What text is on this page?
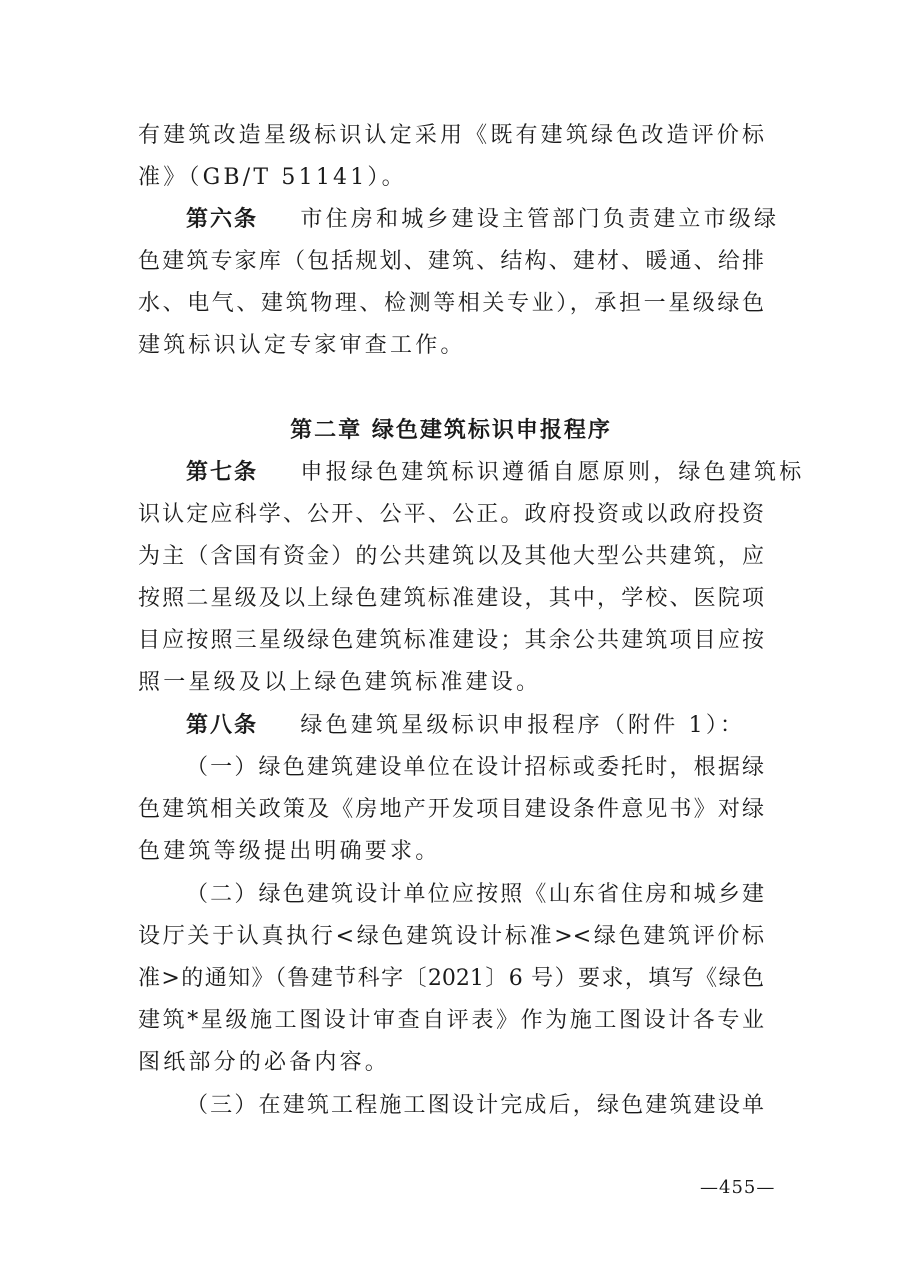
有建筑改造星级标识认定采用《既有建筑绿色改造评价标
准》（GB/T 51141）。
第六条 市住房和城乡建设主管部门负责建立市级绿
色建筑专家库（包括规划、建筑、结构、建材、暖通、给排
水、电气、建筑物理、检测等相关专业），承担一星级绿色
建筑标识认定专家审查工作。
第二章 绿色建筑标识申报程序
第七条 申报绿色建筑标识遵循自愿原则，绿色建筑标
识认定应科学、公开、公平、公正。政府投资或以政府投资
为主（含国有资金）的公共建筑以及其他大型公共建筑，应
按照二星级及以上绿色建筑标准建设，其中，学校、医院项
目应按照三星级绿色建筑标准建设；其余公共建筑项目应按
照一星级及以上绿色建筑标准建设。
第八条 绿色建筑星级标识申报程序（附件 1）：
（一）绿色建筑建设单位在设计招标或委托时，根据绿
色建筑相关政策及《房地产开发项目建设条件意见书》对绿
色建筑等级提出明确要求。
（二）绿色建筑设计单位应按照《山东省住房和城乡建
设厅关于认真执行<绿色建筑设计标准><绿色建筑评价标
准>的通知》（鲁建节科字〔2021〕6 号）要求，填写《绿色
建筑*星级施工图设计审查自评表》作为施工图设计各专业
图纸部分的必备内容。
（三）在建筑工程施工图设计完成后，绿色建筑建设单
—455—
